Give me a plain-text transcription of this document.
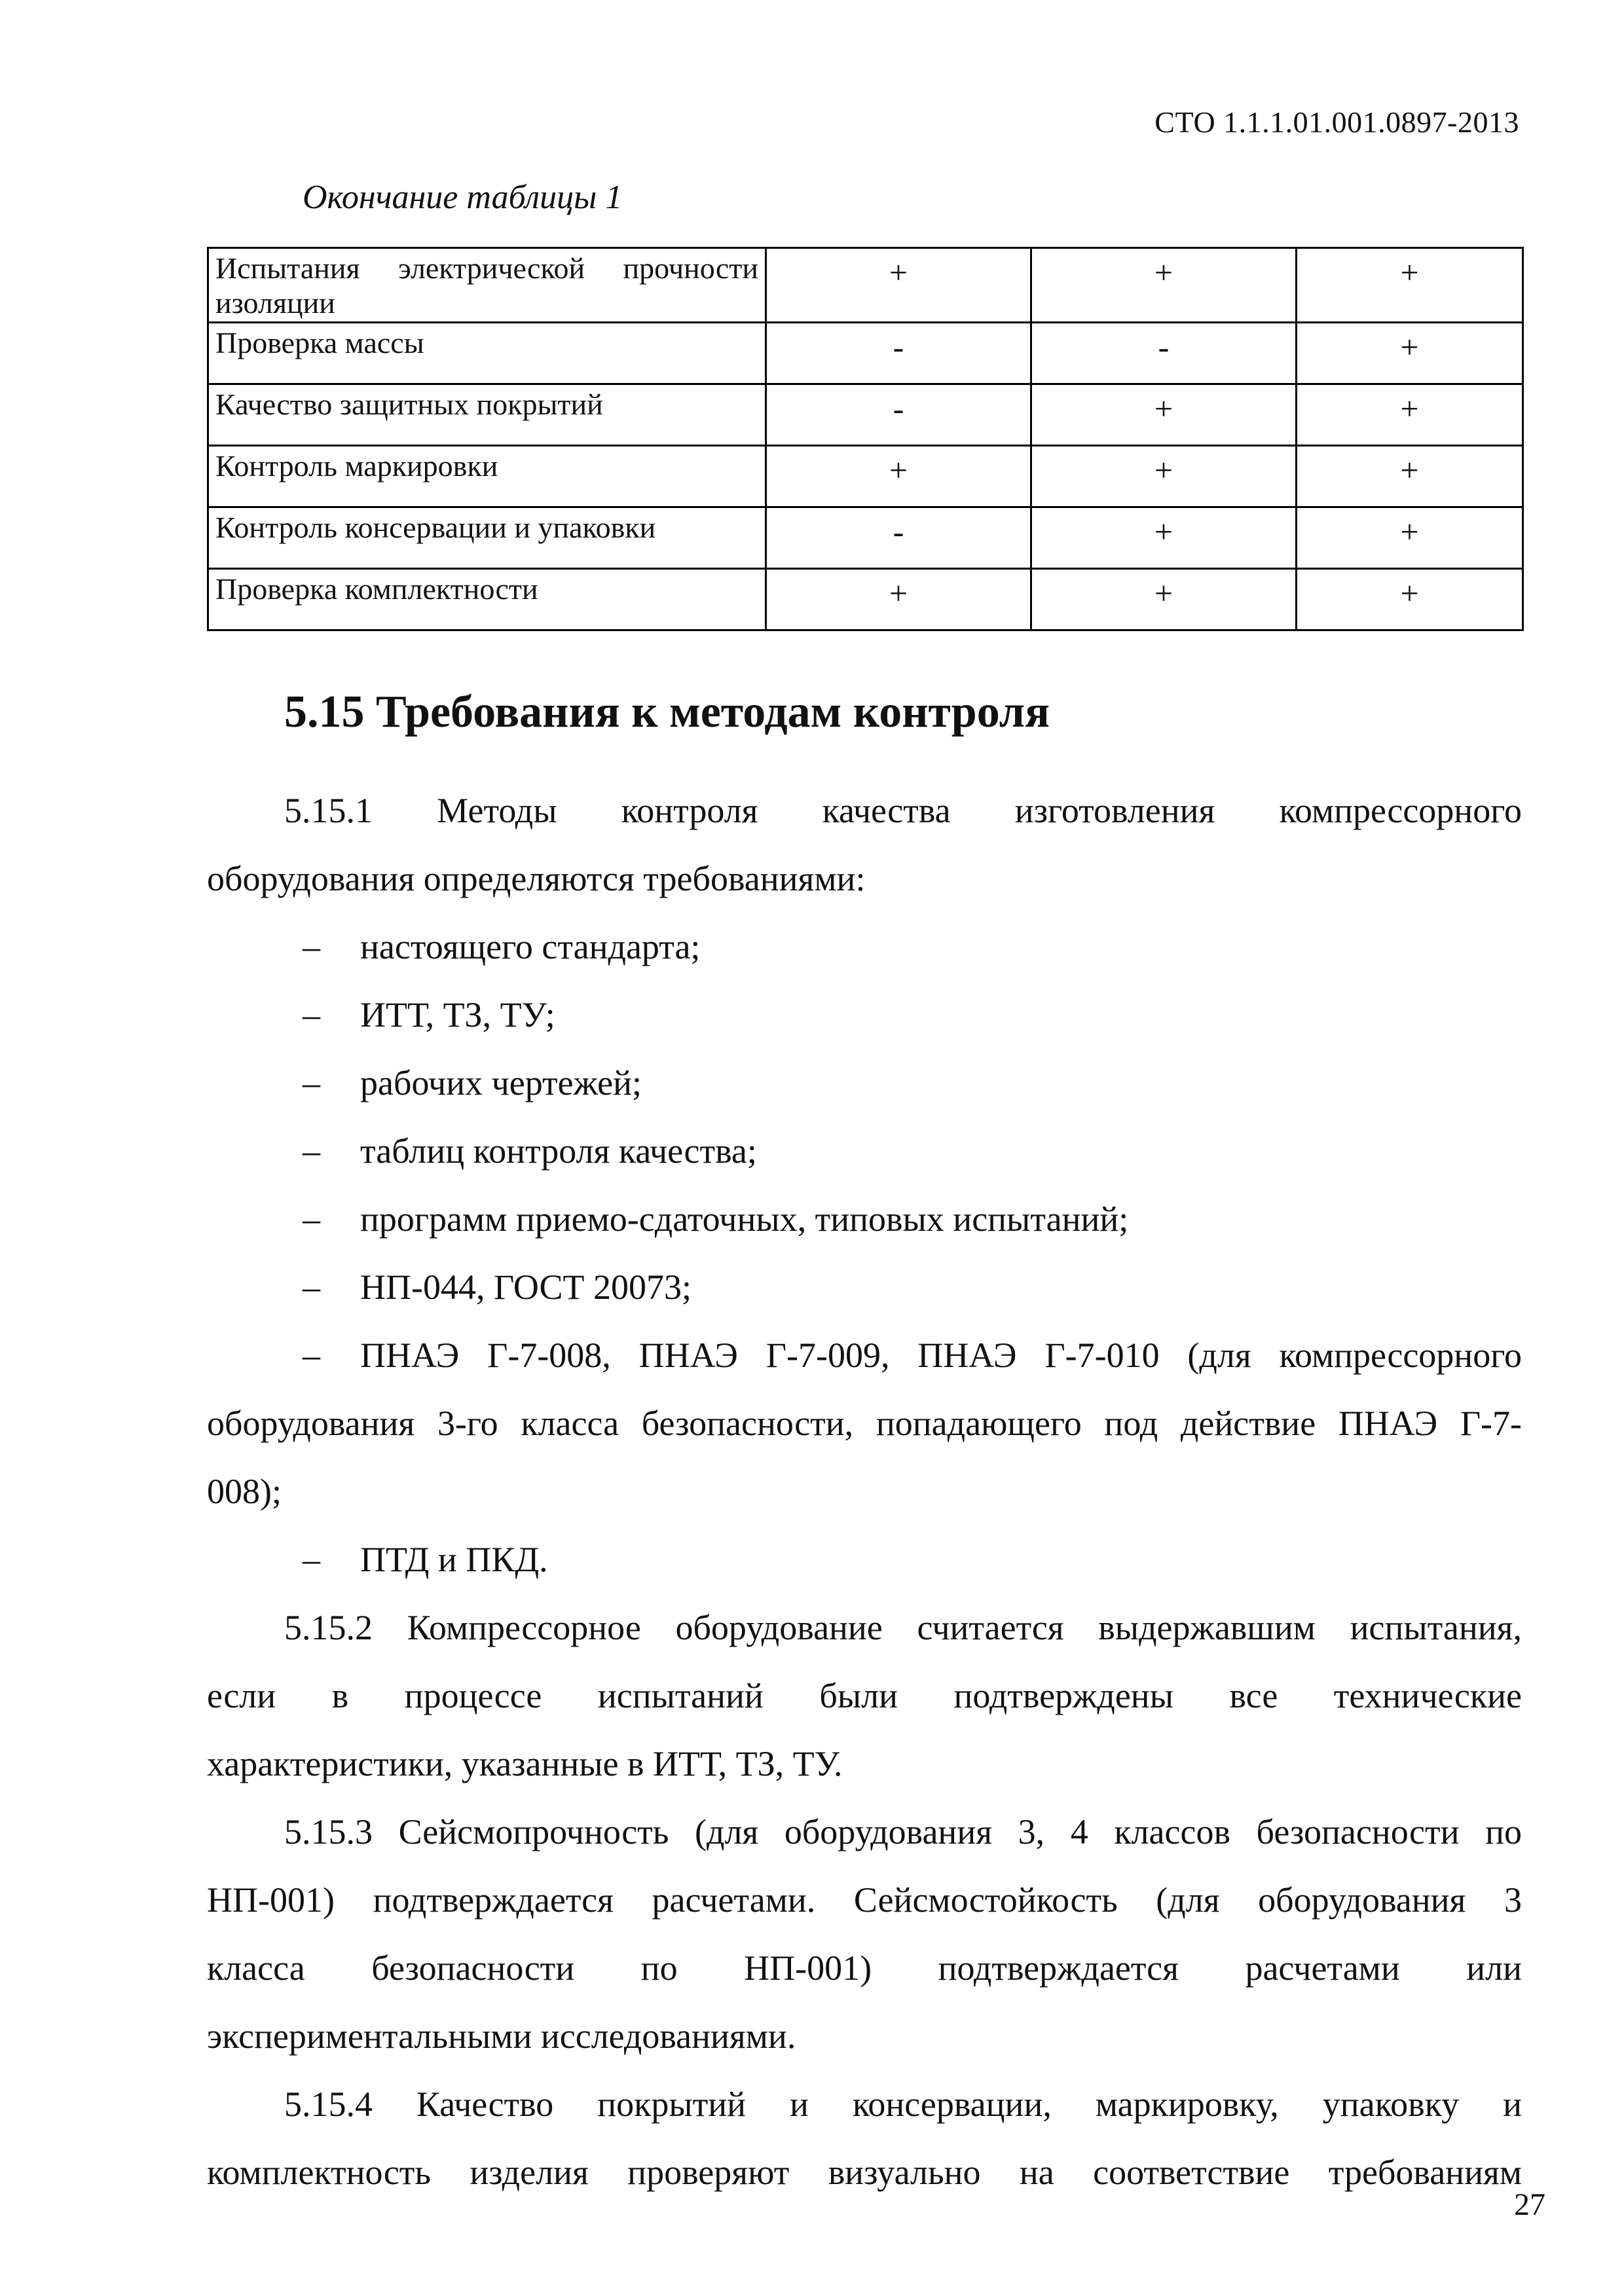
СТО 1.1.1.01.001.0897-2013
Окончание таблицы 1
Испытания электрической прочности изоляции	+	+	+
Проверка массы	-	-	+
Качество защитных покрытий	-	+	+
Контроль маркировки	+	+	+
Контроль консервации и упаковки	-	+	+
Проверка комплектности	+	+	+
5.15 Требования к методам контроля
5.15.1 Методы контроля качества изготовления компрессорного
оборудования определяются требованиями:
– настоящего стандарта;
– ИТТ, ТЗ, ТУ;
– рабочих чертежей;
– таблиц контроля качества;
– программ приемо-сдаточных, типовых испытаний;
– НП-044, ГОСТ 20073;
– ПНАЭ Г-7-008, ПНАЭ Г-7-009, ПНАЭ Г-7-010 (для компрессорного
оборудования 3-го класса безопасности, попадающего под действие ПНАЭ Г-7-
008);
– ПТД и ПКД.
5.15.2 Компрессорное оборудование считается выдержавшим испытания,
если в процессе испытаний были подтверждены все технические
характеристики, указанные в ИТТ, ТЗ, ТУ.
5.15.3 Сейсмопрочность (для оборудования 3, 4 классов безопасности по
НП-001) подтверждается расчетами. Сейсмостойкость (для оборудования 3
класса безопасности по НП-001) подтверждается расчетами или
экспериментальными исследованиями.
5.15.4 Качество покрытий и консервации, маркировку, упаковку и
комплектность изделия проверяют визуально на соответствие требованиям
27
